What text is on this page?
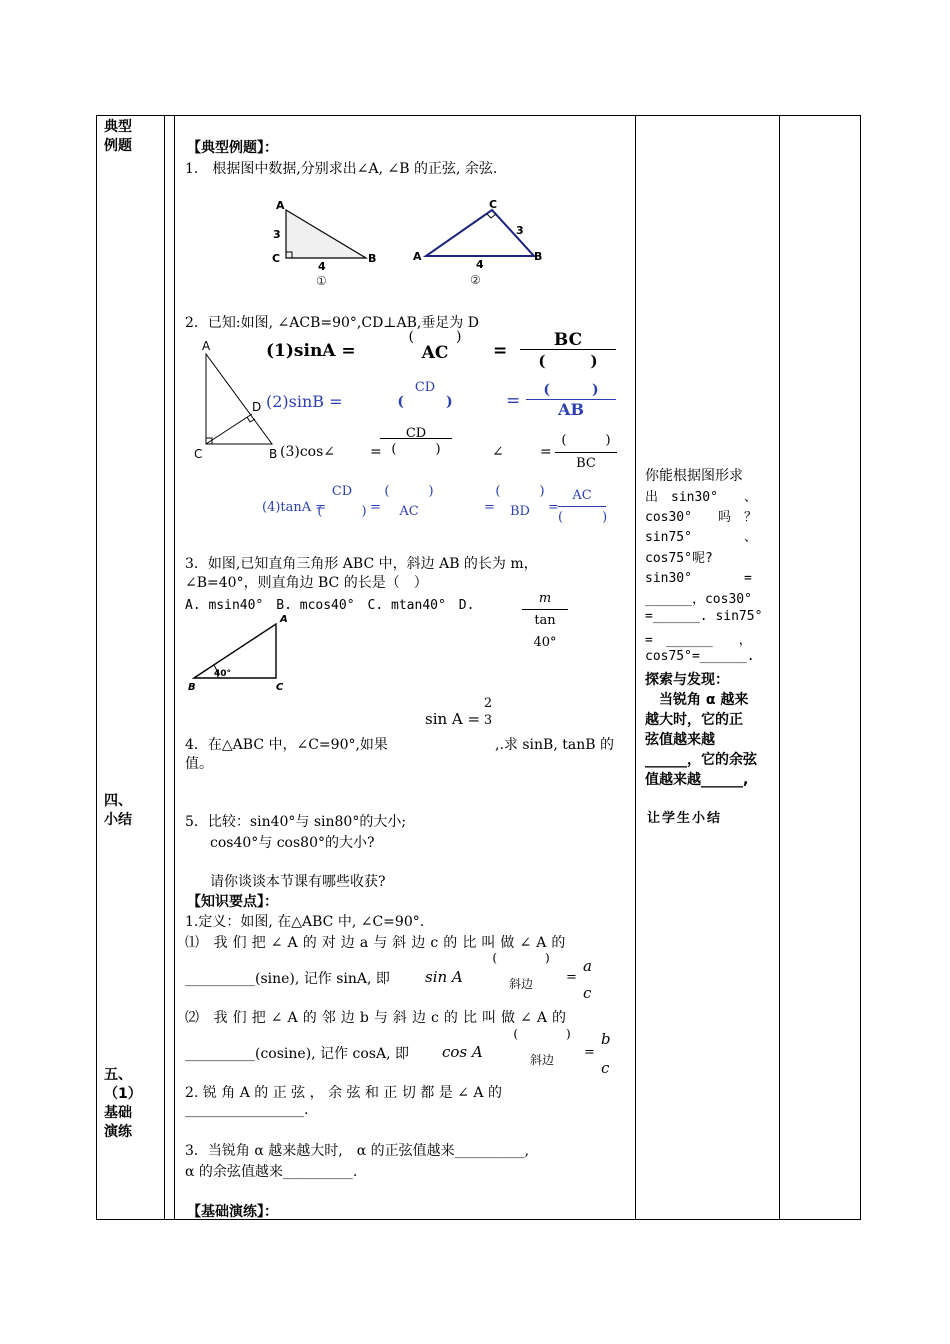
典型
例题
四、
小结
五、
（1）
基础
演练
【典型例题】：
1.　根据图中数据,分别求出∠A, ∠B 的正弦, 余弦.
A
3
C	B
4
①
C
3
A	B
4
②
2．已知:如图, ∠ACB=90°,CD⊥AB,垂足为 D
A
D
C	B
(1)sinA =
(　　　)
AC	=
BC
(　　　)
(2)sinB =
CD
(　　　)	=
(　　　)
AB
(3)cos∠ =
CD
(　　　)	∠	=
(　　　)
BC
(4)tanA =
CD
(　　　) =
(　　　)
AC	=
(　　　)
BD	=
AC
(　　　)
3．如图,已知直角三角形 ABC 中，斜边 AB 的长为 m，
∠B=40°，则直角边 BC 的长是（　）
A. msin40°　B. mcos40°　C. mtan40°　D.	$\frac{m}{\tan 40^\circ}$
A
40°
B	C
sin A =
2
3
4．在△ABC 中，∠C=90°,如果	,.求 sinB, tanB 的
值。
5．比较：sin40°与 sin80°的大小;
cos40°与 cos80°的大小?
请你谈谈本节课有哪些收获?
【知识要点】：
1.定义：如图, 在△ABC 中, ∠C=90°.
⑴　我 们 把 ∠ A 的 对 边 a 与 斜 边 c 的 比 叫 做 ∠ A 的
__________(sine), 记作 sinA, 即 sin A
(　　　　)
斜边	=
a
c
⑵　我 们 把 ∠ A 的 邻 边 b 与 斜 边 c 的 比 叫 做 ∠ A 的
__________(cosine), 记作 cosA, 即 cos A
(　　　　)
斜边	=
b
c
2. 锐 角 A 的 正 弦 ， 余 弦 和 正 切 都 是 ∠ A 的
_________________.
3．当锐角 α 越来越大时,　α 的正弦值越来__________,
α 的余弦值越来__________.
【基础演练】：
你能根据图形求
出　sin30°　　、
cos30°　　吗　？
sin75°　　　　、
cos75°呢?
sin30°　　　　=
______，cos30°
=______. sin75°
=　______　　，
cos75°=______.
探索与发现：
　当锐角 α 越来
越大时，它的正
弦值越来越
______，它的余弦
值越来越______,
让学生小结
